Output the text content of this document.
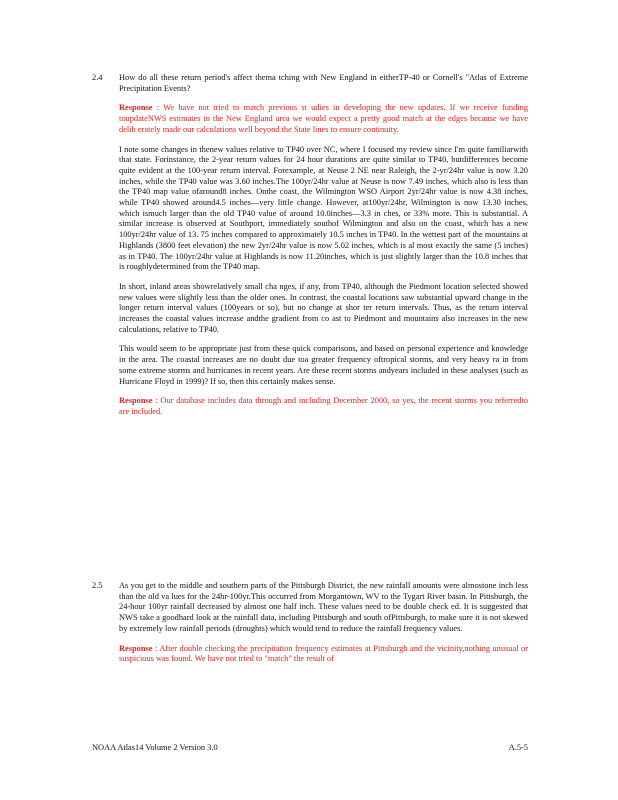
2.4	How do all these return period's affect thema tching with New England in eitherTP-40 or Cornell's "Atlas of Extreme Precipitation Events?

Response : We have not tried to match previous st udies in developing the new updates. If we receive funding toupdateNWS estimates in the New England area we would expect a pretty good match at the edges because we have delib erately made our calculations well beyond the State lines to ensure continuity.

I note some changes in thenew values relative to TP40 over NC, where I focused my review since I'm quite familiarwith that state. Forinstance, the 2-year return values for 24 hour durations are quite similar to TP40, butdifferences become quite evident at the 100-year return interval. Forexample, at Neuse 2 NE near Raleigh, the 2-yr/24hr value is now 3.20 inches, while the TP40 value was 3.60 inches.The 100yr/24hr value at Neuse is now 7.49 inches, which also is less than the TP40 map value ofaround8 inches. Onthe coast, the Wilmington WSO Airport 2yr/24hr value is now 4.38 inches, while TP40 showed around4.5 inches—very little change. However, at100yr/24hr, Wilmington is now 13.30 inches, which ismuch larger than the old TP40 value of around 10.0inches—3.3 in ches, or 33% more. This is substantial. A similar increase is observed at Southport, immediately southof Wilmington and also on the coast, which has a new 100yr/24hr value of 13. 75 inches compared to approximately 10.5 inches in TP40. In the wettest part of the mountains at Highlands (3800 feet elevation) the new 2yr/24hr value is now 5.02 inches, which is al most exactly the same (5 inches) as in TP40. The 100yr/24hr value at Highlands is now 11.20inches, which is just slightly larger than the 10.8 inches that is roughlydetermined from the TP40 map.

In short, inland areas showrelatively small cha nges, if any, from TP40, although the Piedmont location selected showed new values were slightly less than the older ones. In contrast, the coastal locations saw substantial upward change in the longer return interval values (100years or so), but no change at shor ter return intervals. Thus, as the return interval increases the coastal values increase andthe gradient from co ast to Piedmont and mountains also increases in the new calculations, relative to TP40.

This would seem to be appropriate just from these quick comparisons, and based on personal experience and knowledge in the area. The coastal increases are no doubt due toa greater frequency oftropical storms, and very heavy ra in from some extreme storms and hurricanes in recent years. Are these recent storms andyears included in these analyses (such as Hurricane Floyd in 1999)? If so, then this certainly makes sense.

Response : Our database includes data through and including December 2000, so yes, the recent storms you referredto are included.

2.5	As you get to the middle and southern parts of the Pittsburgh District, the new rainfall amounts were almostone inch less than the old va lues for the 24hr-100yr.This occurred from Morgantown, WV to the Tygart River basin. In Pittsburgh, the 24-hour 100yr rainfall decreased by almost one half inch. These values need to be double check ed. It is suggested that NWS take a goodhard look at the rainfall data, including Pittsburgh and south ofPittsburgh, to make sure it is not skewed by extremely low rainfall periods (droughts) which would tend to reduce the rainfall frequency values.

Response : After double checking the precipitation frequency estimates at Pittsburgh and the vicinity,nothing unusual or suspicious was found. We have not tried to "match" the result of

NOAA Atlas14 Volume 2 Version 3.0	A.5-5
